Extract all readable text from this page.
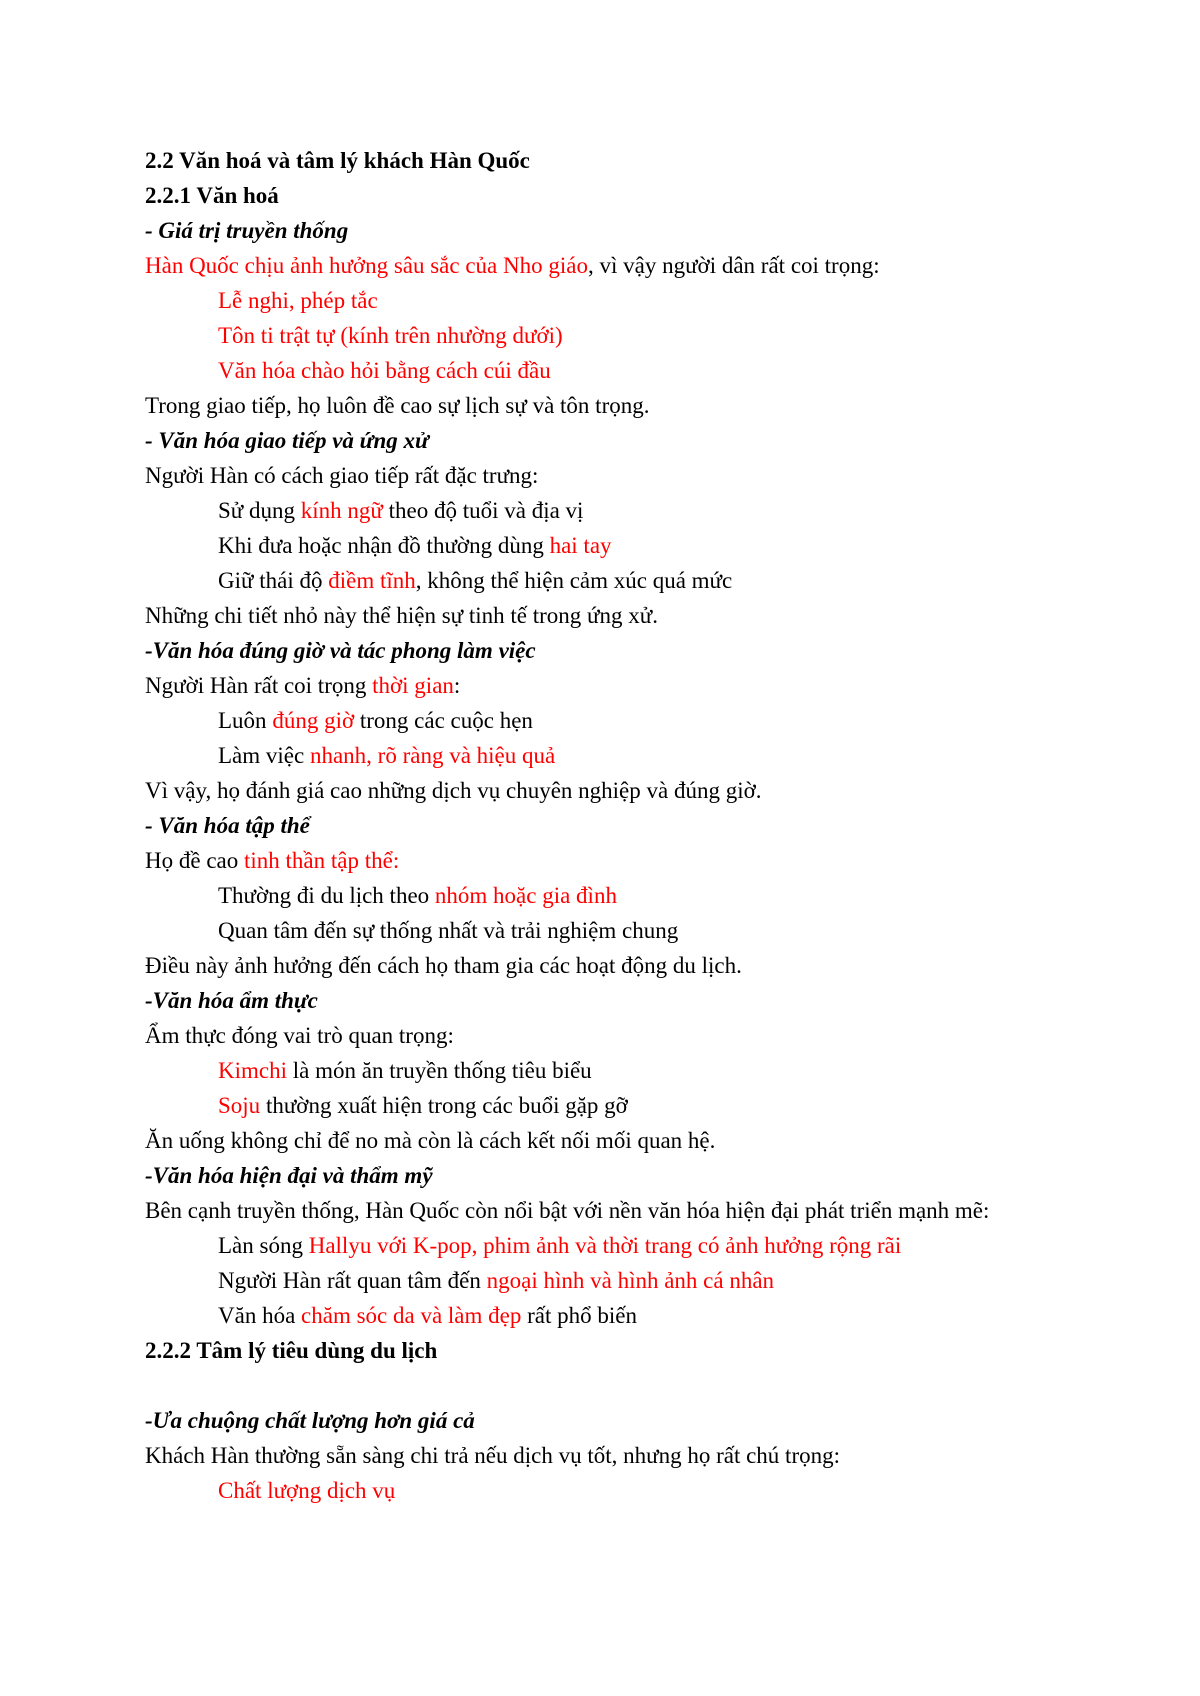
2.2 Văn hoá và tâm lý khách Hàn Quốc
2.2.1 Văn hoá
- Giá trị truyền thống
Hàn Quốc chịu ảnh hưởng sâu sắc của Nho giáo, vì vậy người dân rất coi trọng:
Lễ nghi, phép tắc
Tôn ti trật tự (kính trên nhường dưới)
Văn hóa chào hỏi bằng cách cúi đầu
Trong giao tiếp, họ luôn đề cao sự lịch sự và tôn trọng.
- Văn hóa giao tiếp và ứng xử
Người Hàn có cách giao tiếp rất đặc trưng:
Sử dụng kính ngữ theo độ tuổi và địa vị
Khi đưa hoặc nhận đồ thường dùng hai tay
Giữ thái độ điềm tĩnh, không thể hiện cảm xúc quá mức
Những chi tiết nhỏ này thể hiện sự tinh tế trong ứng xử.
-Văn hóa đúng giờ và tác phong làm việc
Người Hàn rất coi trọng thời gian:
Luôn đúng giờ trong các cuộc hẹn
Làm việc nhanh, rõ ràng và hiệu quả
Vì vậy, họ đánh giá cao những dịch vụ chuyên nghiệp và đúng giờ.
- Văn hóa tập thể
Họ đề cao tinh thần tập thể:
Thường đi du lịch theo nhóm hoặc gia đình
Quan tâm đến sự thống nhất và trải nghiệm chung
Điều này ảnh hưởng đến cách họ tham gia các hoạt động du lịch.
-Văn hóa ẩm thực
Ẩm thực đóng vai trò quan trọng:
Kimchi là món ăn truyền thống tiêu biểu
Soju thường xuất hiện trong các buổi gặp gỡ
Ăn uống không chỉ để no mà còn là cách kết nối mối quan hệ.
-Văn hóa hiện đại và thẩm mỹ
Bên cạnh truyền thống, Hàn Quốc còn nổi bật với nền văn hóa hiện đại phát triển mạnh mẽ:
Làn sóng Hallyu với K-pop, phim ảnh và thời trang có ảnh hưởng rộng rãi
Người Hàn rất quan tâm đến ngoại hình và hình ảnh cá nhân
Văn hóa chăm sóc da và làm đẹp rất phổ biến
2.2.2 Tâm lý tiêu dùng du lịch
-Ưa chuộng chất lượng hơn giá cả
Khách Hàn thường sẵn sàng chi trả nếu dịch vụ tốt, nhưng họ rất chú trọng:
Chất lượng dịch vụ
